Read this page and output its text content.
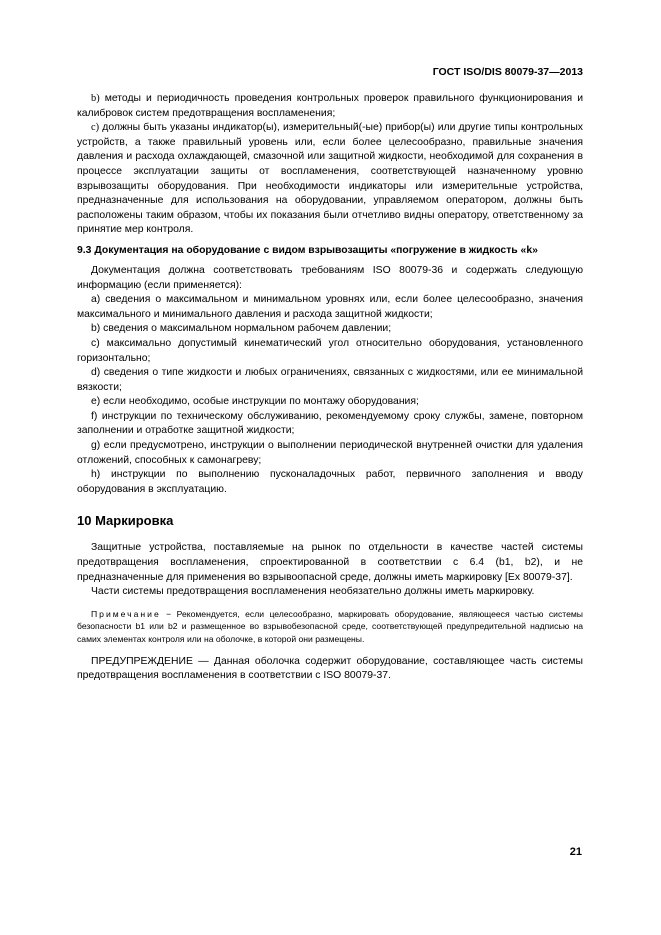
ГОСТ ISO/DIS 80079-37—2013

b) методы и периодичность проведения контрольных проверок правильного функционирования и калибровок систем предотвращения воспламенения;

c) должны быть указаны индикатор(ы), измерительный(-ые) прибор(ы) или другие типы контрольных устройств, а также правильный уровень или, если более целесообразно, правильные значения давления и расхода охлаждающей, смазочной или защитной жидкости, необходимой для сохранения в процессе эксплуатации защиты от воспламенения, соответствующей назначенному уровню взрывозащиты оборудования. При необходимости индикаторы или измерительные устройства, предназначенные для использования на оборудовании, управляемом оператором, должны быть расположены таким образом, чтобы их показания были отчетливо видны оператору, ответственному за принятие мер контроля.

9.3 Документация на оборудование с видом взрывозащиты «погружение в жидкость «k»

Документация должна соответствовать требованиям ISO 80079-36 и содержать следующую информацию (если применяется):

a) сведения о максимальном и минимальном уровнях или, если более целесообразно, значения максимального и минимального давления и расхода защитной жидкости;

b) сведения о максимальном нормальном рабочем давлении;

c) максимально допустимый кинематический угол относительно оборудования, установленного горизонтально;

d) сведения о типе жидкости и любых ограничениях, связанных с жидкостями, или ее минимальной вязкости;

e) если необходимо, особые инструкции по монтажу оборудования;

f) инструкции по техническому обслуживанию, рекомендуемому сроку службы, замене, повторном заполнении и отработке защитной жидкости;

g) если предусмотрено, инструкции о выполнении периодической внутренней очистки для удаления отложений, способных к самонагреву;

h) инструкции по выполнению пусконаладочных работ, первичного заполнения и вводу оборудования в эксплуатацию.

10 Маркировка

Защитные устройства, поставляемые на рынок по отдельности в качестве частей системы предотвращения воспламенения, спроектированной в соответствии с 6.4 (b1, b2), и не предназначенные для применения во взрывоопасной среде, должны иметь маркировку [Ex 80079-37].

Части системы предотвращения воспламенения необязательно должны иметь маркировку.

Примечание − Рекомендуется, если целесообразно, маркировать оборудование, являющееся частью системы безопасности b1 или b2 и размещенное во взрывобезопасной среде, соответствующей предупредительной надписью на самих элементах контроля или на оболочке, в которой они размещены.

ПРЕДУПРЕЖДЕНИЕ — Данная оболочка содержит оборудование, составляющее часть системы предотвращения воспламенения в соответствии с ISO 80079-37.

21
